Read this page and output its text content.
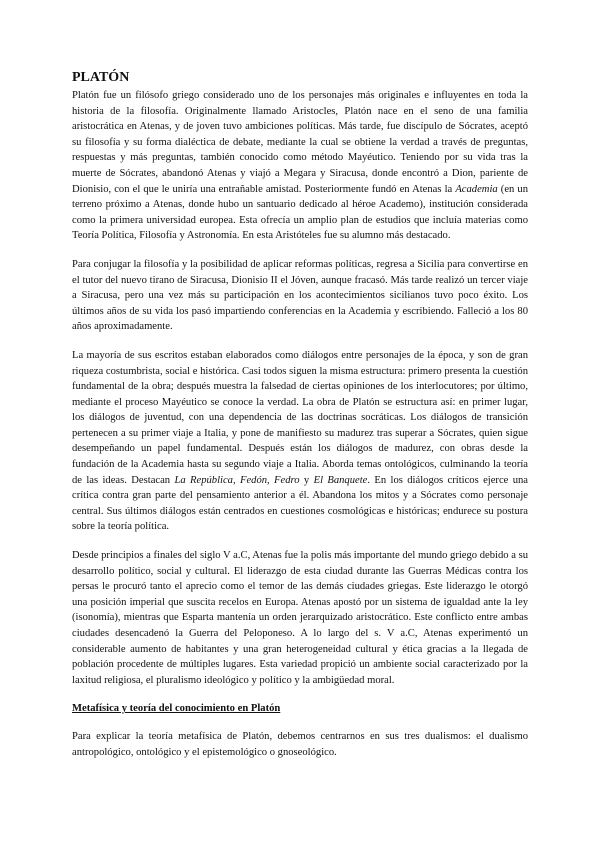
PLATÓN

Platón fue un filósofo griego considerado uno de los personajes más originales e influyentes en toda la historia de la filosofía. Originalmente llamado Aristocles, Platón nace en el seno de una familia aristocrática en Atenas, y de joven tuvo ambiciones políticas. Más tarde, fue discípulo de Sócrates, aceptó su filosofía y su forma dialéctica de debate, mediante la cual se obtiene la verdad a través de preguntas, respuestas y más preguntas, también conocido como método Mayéutico. Teniendo por su vida tras la muerte de Sócrates, abandonó Atenas y viajó a Megara y Siracusa, donde encontró a Dion, pariente de Dionisio, con el que le uniría una entrañable amistad. Posteriormente fundó en Atenas la Academia (en un terreno próximo a Atenas, donde hubo un santuario dedicado al héroe Academo), institución considerada como la primera universidad europea. Esta ofrecía un amplio plan de estudios que incluía materias como Teoría Política, Filosofía y Astronomía. En esta Aristóteles fue su alumno más destacado.

Para conjugar la filosofía y la posibilidad de aplicar reformas políticas, regresa a Sicilia para convertirse en el tutor del nuevo tirano de Siracusa, Dionisio II el Jóven, aunque fracasó. Más tarde realizó un tercer viaje a Siracusa, pero una vez más su participación en los acontecimientos sicilianos tuvo poco éxito. Los últimos años de su vida los pasó impartiendo conferencias en la Academia y escribiendo. Falleció a los 80 años aproximadamente.

La mayoría de sus escritos estaban elaborados como diálogos entre personajes de la época, y son de gran riqueza costumbrista, social e histórica. Casi todos siguen la misma estructura: primero presenta la cuestión fundamental de la obra; después muestra la falsedad de ciertas opiniones de los interlocutores; por último, mediante el proceso Mayéutico se conoce la verdad. La obra de Platón se estructura así: en primer lugar, los diálogos de juventud, con una dependencia de las doctrinas socráticas. Los diálogos de transición pertenecen a su primer viaje a Italia, y pone de manifiesto su madurez tras superar a Sócrates, quien sigue desempeñando un papel fundamental. Después están los diálogos de madurez, con obras desde la fundación de la Academia hasta su segundo viaje a Italia. Aborda temas ontológicos, culminando la teoría de las ideas. Destacan La República, Fedón, Fedro y El Banquete. En los diálogos críticos ejerce una crítica contra gran parte del pensamiento anterior a él. Abandona los mitos y a Sócrates como personaje central. Sus últimos diálogos están centrados en cuestiones cosmológicas e históricas; endurece su postura sobre la teoría política.

Desde principios a finales del siglo V a.C, Atenas fue la polis más importante del mundo griego debido a su desarrollo político, social y cultural. El liderazgo de esta ciudad durante las Guerras Médicas contra los persas le procuró tanto el aprecio como el temor de las demás ciudades griegas. Este liderazgo le otorgó una posición imperial que suscita recelos en Europa. Atenas apostó por un sistema de igualdad ante la ley (isonomía), mientras que Esparta mantenía un orden jerarquizado aristocrático. Este conflicto entre ambas ciudades desencadenó la Guerra del Peloponeso. A lo largo del s. V a.C, Atenas experimentó un considerable aumento de habitantes y una gran heterogeneidad cultural y ética gracias a la llegada de población procedente de múltiples lugares. Esta variedad propició un ambiente social caracterizado por la laxitud religiosa, el pluralismo ideológico y político y la ambigüedad moral.

Metafísica y teoría del conocimiento en Platón

Para explicar la teoría metafísica de Platón, debemos centrarnos en sus tres dualismos: el dualismo antropológico, ontológico y el epistemológico o gnoseológico.
